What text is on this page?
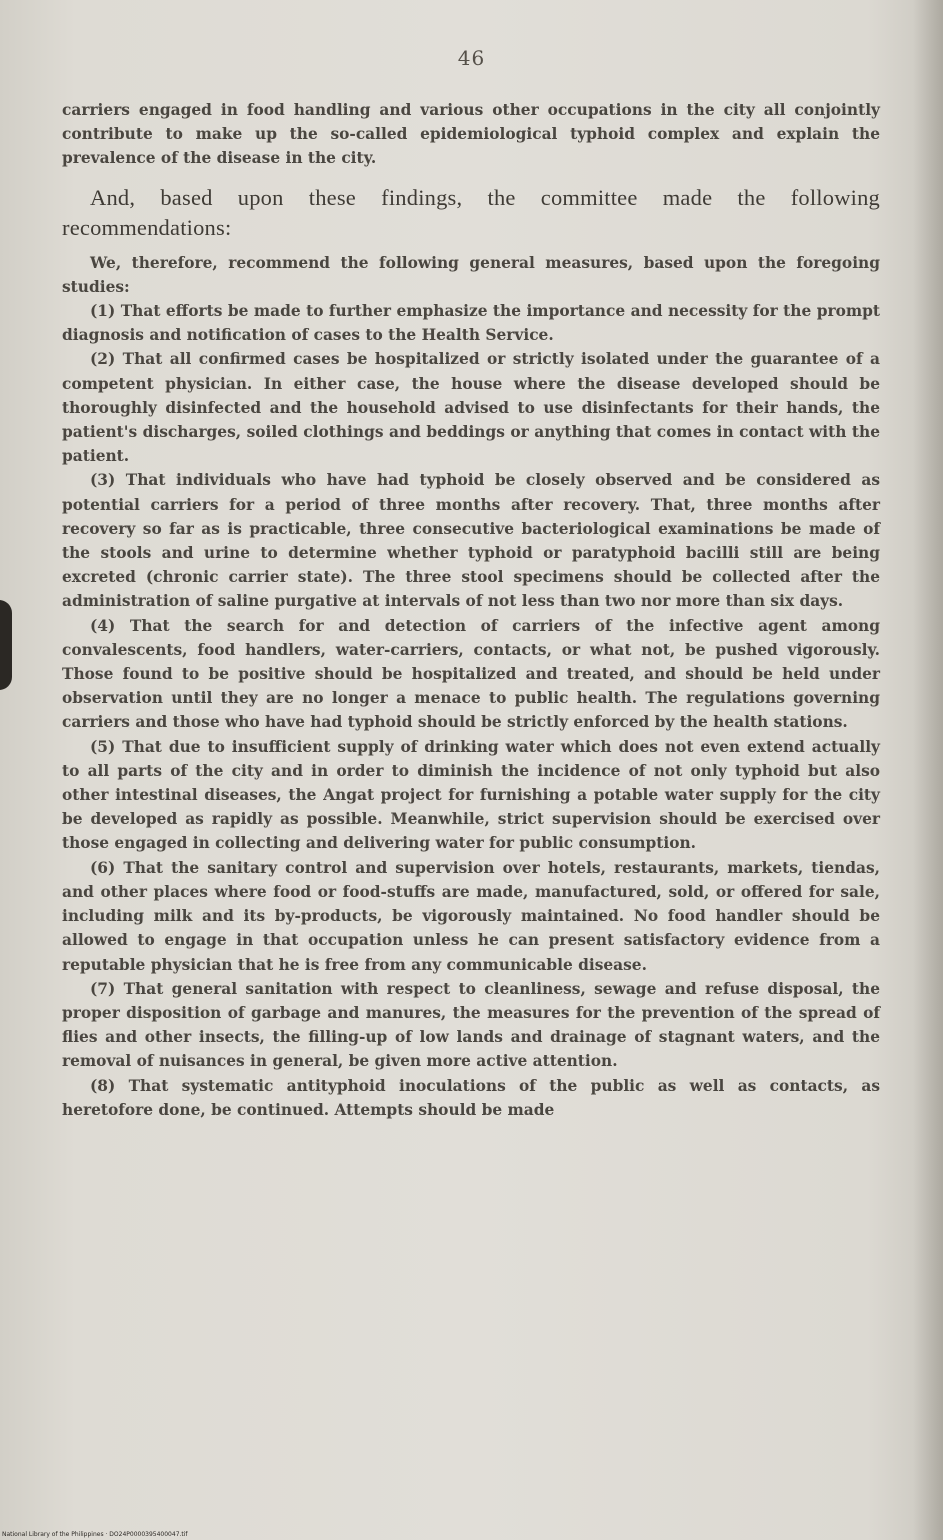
46

carriers engaged in food handling and various other occupations in the city all conjointly contribute to make up the so-called epidemiological typhoid complex and explain the prevalence of the disease in the city.

And, based upon these findings, the committee made the following recommendations:

We, therefore, recommend the following general measures, based upon the foregoing studies:

(1) That efforts be made to further emphasize the importance and necessity for the prompt diagnosis and notification of cases to the Health Service.

(2) That all confirmed cases be hospitalized or strictly isolated under the guarantee of a competent physician. In either case, the house where the disease developed should be thoroughly disinfected and the household advised to use disinfectants for their hands, the patient's discharges, soiled clothings and beddings or anything that comes in contact with the patient.

(3) That individuals who have had typhoid be closely observed and be considered as potential carriers for a period of three months after recovery. That, three months after recovery so far as is practicable, three consecutive bacteriological examinations be made of the stools and urine to determine whether typhoid or paratyphoid bacilli still are being excreted (chronic carrier state). The three stool specimens should be collected after the administration of saline purgative at intervals of not less than two nor more than six days.

(4) That the search for and detection of carriers of the infective agent among convalescents, food handlers, water-carriers, contacts, or what not, be pushed vigorously. Those found to be positive should be hospitalized and treated, and should be held under observation until they are no longer a menace to public health. The regulations governing carriers and those who have had typhoid should be strictly enforced by the health stations.

(5) That due to insufficient supply of drinking water which does not even extend actually to all parts of the city and in order to diminish the incidence of not only typhoid but also other intestinal diseases, the Angat project for furnishing a potable water supply for the city be developed as rapidly as possible. Meanwhile, strict supervision should be exercised over those engaged in collecting and delivering water for public consumption.

(6) That the sanitary control and supervision over hotels, restaurants, markets, tiendas, and other places where food or food-stuffs are made, manufactured, sold, or offered for sale, including milk and its by-products, be vigorously maintained. No food handler should be allowed to engage in that occupation unless he can present satisfactory evidence from a reputable physician that he is free from any communicable disease.

(7) That general sanitation with respect to cleanliness, sewage and refuse disposal, the proper disposition of garbage and manures, the measures for the prevention of the spread of flies and other insects, the filling-up of low lands and drainage of stagnant waters, and the removal of nuisances in general, be given more active attention.

(8) That systematic antityphoid inoculations of the public as well as contacts, as heretofore done, be continued. Attempts should be made

National Library of the Philippines · DO24P0000395400047.tif
